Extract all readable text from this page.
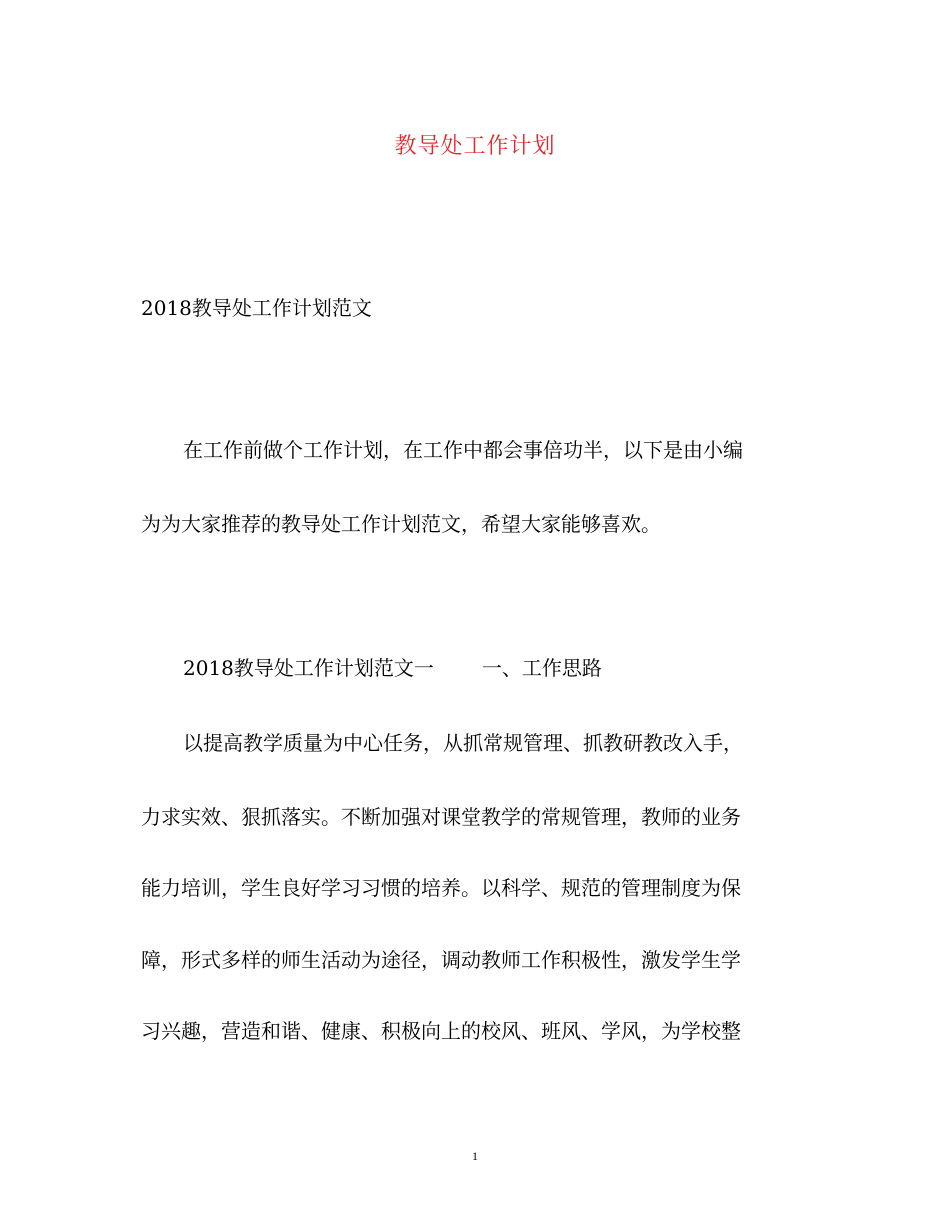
教导处工作计划
2018教导处工作计划范文
在工作前做个工作计划，在工作中都会事倍功半，以下是由小编
为为大家推荐的教导处工作计划范文，希望大家能够喜欢。
2018教导处工作计划范文一 一、工作思路
以提高教学质量为中心任务，从抓常规管理、抓教研教改入手，
力求实效、狠抓落实。不断加强对课堂教学的常规管理，教师的业务
能力培训，学生良好学习习惯的培养。以科学、规范的管理制度为保
障，形式多样的师生活动为途径，调动教师工作积极性，激发学生学
习兴趣，营造和谐、健康、积极向上的校风、班风、学风，为学校整
1
